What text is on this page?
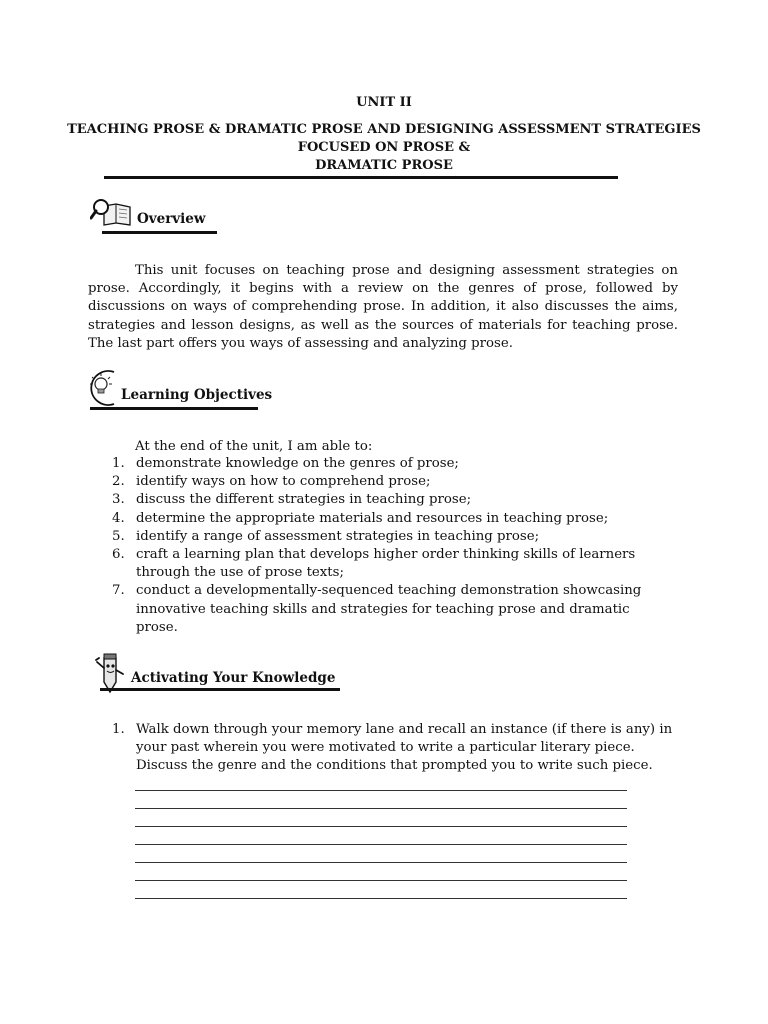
UNIT II
TEACHING PROSE & DRAMATIC PROSE AND DESIGNING ASSESSMENT STRATEGIES
FOCUSED ON PROSE &
DRAMATIC PROSE
Overview

This unit focuses on teaching prose and designing assessment strategies on prose. Accordingly, it begins with a review on the genres of prose, followed by discussions on ways of comprehending prose. In addition, it also discusses the aims, strategies and lesson designs, as well as the sources of materials for teaching prose. The last part offers you ways of assessing and analyzing prose.

Learning Objectives
At the end of the unit, I am able to:
1. demonstrate knowledge on the genres of prose;
2. identify ways on how to comprehend prose;
3. discuss the different strategies in teaching prose;
4. determine the appropriate materials and resources in teaching prose;
5. identify a range of assessment strategies in teaching prose;
6. craft a learning plan that develops higher order thinking skills of learners through the use of prose texts;
7. conduct a developmentally-sequenced teaching demonstration showcasing innovative teaching skills and strategies for teaching prose and dramatic prose.
Activating Your Knowledge
1. Walk down through your memory lane and recall an instance (if there is any) in your past wherein you were motivated to write a particular literary piece.
Discuss the genre and the conditions that prompted you to write such piece.
